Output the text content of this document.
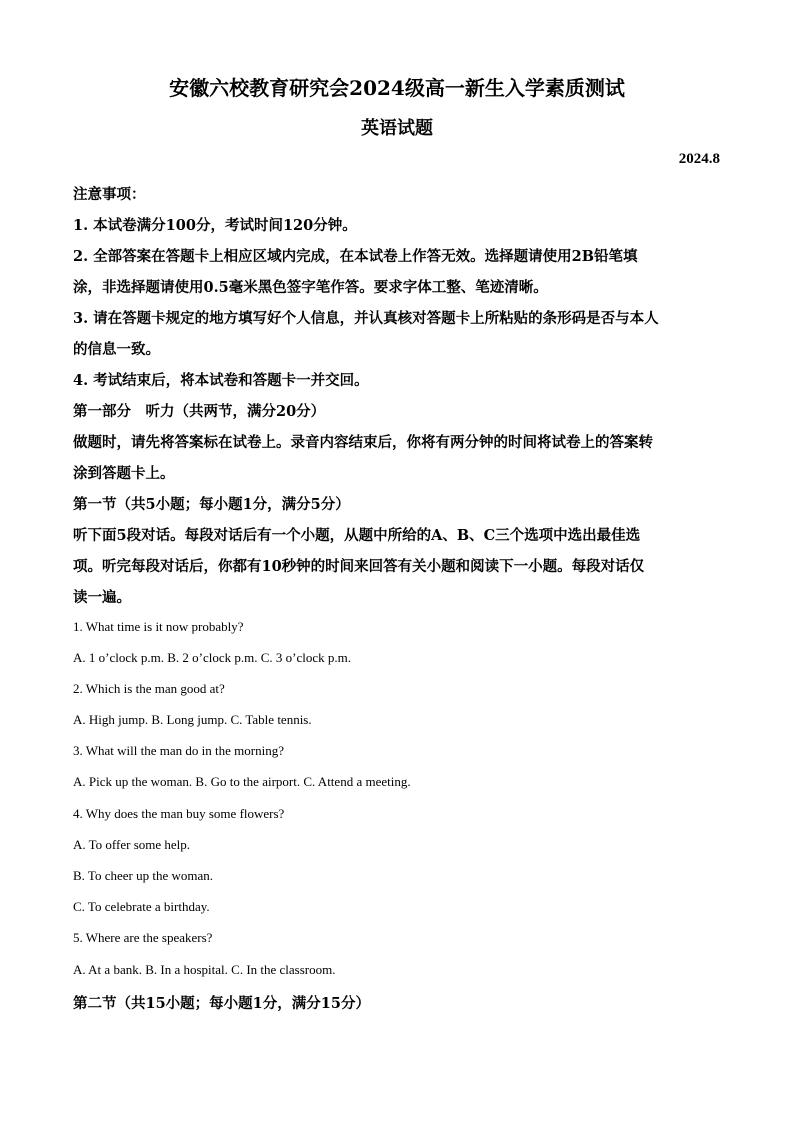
安徽六校教育研究会2024级高一新生入学素质测试
英语试题
2024.8
注意事项：
1. 本试卷满分100分，考试时间120分钟。
2. 全部答案在答题卡上相应区域内完成，在本试卷上作答无效。选择题请使用2B铅笔填
涂，非选择题请使用0.5毫米黑色签字笔作答。要求字体工整、笔迹清晰。
3. 请在答题卡规定的地方填写好个人信息，并认真核对答题卡上所粘贴的条形码是否与本人
的信息一致。
4. 考试结束后，将本试卷和答题卡一并交回。
第一部分　听力（共两节，满分20分）
做题时，请先将答案标在试卷上。录音内容结束后，你将有两分钟的时间将试卷上的答案转
涂到答题卡上。
第一节（共5小题；每小题1分，满分5分）
听下面5段对话。每段对话后有一个小题，从题中所给的A、B、C三个选项中选出最佳选
项。听完每段对话后，你都有10秒钟的时间来回答有关小题和阅读下一小题。每段对话仅
读一遍。
1. What time is it now probably?
A. 1 o’clock p.m. B. 2 o’clock p.m. C. 3 o’clock p.m.
2. Which is the man good at?
A. High jump. B. Long jump. C. Table tennis.
3. What will the man do in the morning?
A. Pick up the woman. B. Go to the airport. C. Attend a meeting.
4. Why does the man buy some flowers?
A. To offer some help.
B. To cheer up the woman.
C. To celebrate a birthday.
5. Where are the speakers?
A. At a bank. B. In a hospital. C. In the classroom.
第二节（共15小题；每小题1分，满分15分）
